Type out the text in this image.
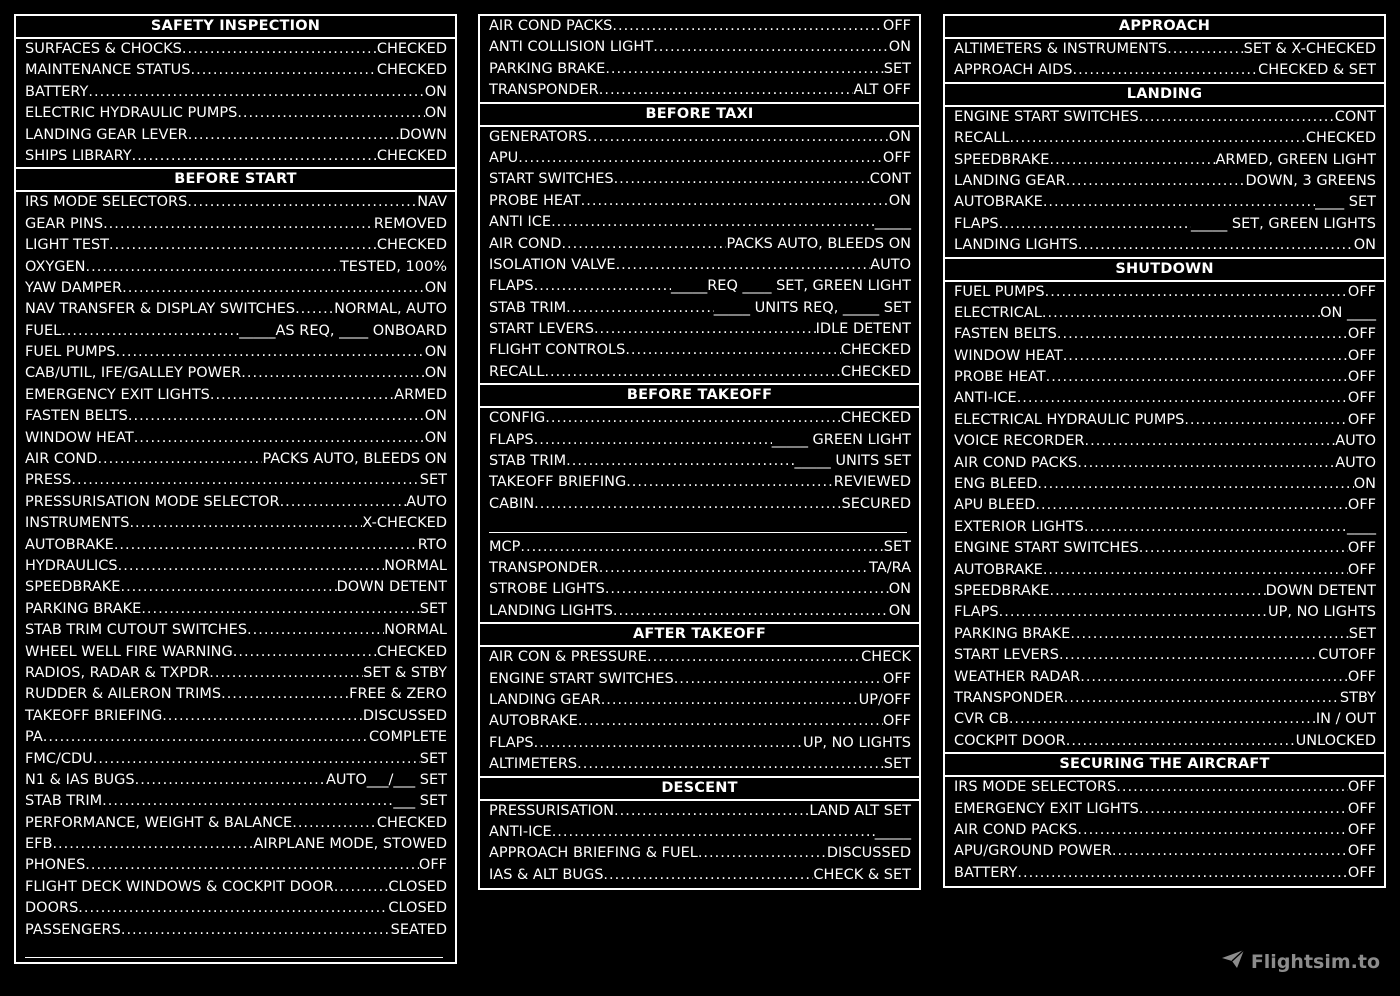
SAFETY INSPECTION
SURFACES & CHOCKS .....	CHECKED
MAINTENANCE STATUS .....	CHECKED
BATTERY .....	ON
ELECTRIC HYDRAULIC PUMPS .....	ON
LANDING GEAR LEVER .....	DOWN
SHIPS LIBRARY .....	CHECKED
BEFORE START
IRS MODE SELECTORS .....	NAV
GEAR PINS .....	REMOVED
LIGHT TEST .....	CHECKED
OXYGEN .....	TESTED, 100%
YAW DAMPER .....	ON
NAV TRANSFER & DISPLAY SWITCHES .....	NORMAL, AUTO
FUEL .....	_____AS REQ, ____ ONBOARD
FUEL PUMPS .....	ON
CAB/UTIL, IFE/GALLEY POWER .....	ON
EMERGENCY EXIT LIGHTS .....	ARMED
FASTEN BELTS .....	ON
WINDOW HEAT .....	ON
AIR COND .....	PACKS AUTO, BLEEDS ON
PRESS .....	SET
PRESSURISATION MODE SELECTOR .....	AUTO
INSTRUMENTS .....	X-CHECKED
AUTOBRAKE .....	RTO
HYDRAULICS .....	NORMAL
SPEEDBRAKE .....	DOWN DETENT
PARKING BRAKE .....	SET
STAB TRIM CUTOUT SWITCHES .....	NORMAL
WHEEL WELL FIRE WARNING .....	CHECKED
RADIOS, RADAR & TXPDR .....	SET & STBY
RUDDER & AILERON TRIMS .....	FREE & ZERO
TAKEOFF BRIEFING .....	DISCUSSED
PA .....	COMPLETE
FMC/CDU .....	SET
N1 & IAS BUGS .....	AUTO___/___ SET
STAB TRIM .....	___ SET
PERFORMANCE, WEIGHT & BALANCE .....	CHECKED
EFB .....	AIRPLANE MODE, STOWED
PHONES .....	OFF
FLIGHT DECK WINDOWS & COCKPIT DOOR .....	CLOSED
DOORS .....	CLOSED
PASSENGERS .....	SEATED
AIR COND PACKS .....	OFF
ANTI COLLISION LIGHT .....	ON
PARKING BRAKE .....	SET
TRANSPONDER .....	ALT OFF
BEFORE TAXI
GENERATORS .....	ON
APU .....	OFF
START SWITCHES .....	CONT
PROBE HEAT .....	ON
ANTI ICE .....	_____
AIR COND .....	PACKS AUTO, BLEEDS ON
ISOLATION VALVE .....	AUTO
FLAPS .....	_____REQ ____ SET, GREEN LIGHT
STAB TRIM .....	_____ UNITS REQ, _____ SET
START LEVERS .....	IDLE DETENT
FLIGHT CONTROLS .....	CHECKED
RECALL .....	CHECKED
BEFORE TAKEOFF
CONFIG .....	CHECKED
FLAPS .....	_____ GREEN LIGHT
STAB TRIM .....	_____ UNITS SET
TAKEOFF BRIEFING .....	REVIEWED
CABIN .....	SECURED
MCP .....	SET
TRANSPONDER .....	TA/RA
STROBE LIGHTS .....	ON
LANDING LIGHTS .....	ON
AFTER TAKEOFF
AIR CON & PRESSURE .....	CHECK
ENGINE START SWITCHES .....	OFF
LANDING GEAR .....	UP/OFF
AUTOBRAKE .....	OFF
FLAPS .....	UP, NO LIGHTS
ALTIMETERS .....	SET
DESCENT
PRESSURISATION .....	LAND ALT SET
ANTI-ICE .....	_____
APPROACH BRIEFING & FUEL .....	DISCUSSED
IAS & ALT BUGS .....	CHECK & SET
APPROACH
ALTIMETERS & INSTRUMENTS .....	SET & X-CHECKED
APPROACH AIDS .....	CHECKED & SET
LANDING
ENGINE START SWITCHES .....	CONT
RECALL .....	CHECKED
SPEEDBRAKE .....	ARMED, GREEN LIGHT
LANDING GEAR .....	DOWN, 3 GREENS
AUTOBRAKE .....	____ SET
FLAPS .....	_____ SET, GREEN LIGHTS
LANDING LIGHTS .....	ON
SHUTDOWN
FUEL PUMPS .....	OFF
ELECTRICAL .....	ON ____
FASTEN BELTS .....	OFF
WINDOW HEAT .....	OFF
PROBE HEAT .....	OFF
ANTI-ICE .....	OFF
ELECTRICAL HYDRAULIC PUMPS .....	OFF
VOICE RECORDER .....	AUTO
AIR COND PACKS .....	AUTO
ENG BLEED .....	ON
APU BLEED .....	OFF
EXTERIOR LIGHTS .....	____
ENGINE START SWITCHES .....	OFF
AUTOBRAKE .....	OFF
SPEEDBRAKE .....	DOWN DETENT
FLAPS .....	UP, NO LIGHTS
PARKING BRAKE .....	SET
START LEVERS .....	CUTOFF
WEATHER RADAR .....	OFF
TRANSPONDER .....	STBY
CVR CB .....	IN / OUT
COCKPIT DOOR .....	UNLOCKED
SECURING THE AIRCRAFT
IRS MODE SELECTORS .....	OFF
EMERGENCY EXIT LIGHTS .....	OFF
AIR COND PACKS .....	OFF
APU/GROUND POWER .....	OFF
BATTERY .....	OFF
Flightsim.to
